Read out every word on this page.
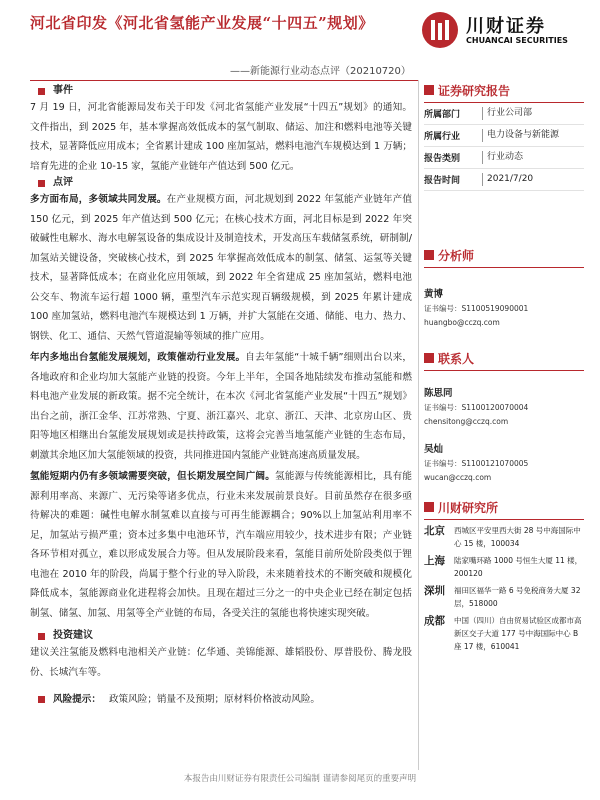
河北省印发《河北省氢能产业发展“十四五”规划》
——新能源行业动态点评（20210720）
川财证券
CHUANCAI SECURITIES
事件

7 月 19 日，河北省能源局发布关于印发《河北省氢能产业发展“十四五”规划》的通知。文件指出，到 2025 年，基本掌握高效低成本的氢气制取、储运、加注和燃料电池等关键技术，显著降低应用成本；全省累计建成 100 座加氢站，燃料电池汽车规模达到 1 万辆；培育先进的企业 10-15 家，氢能产业链年产值达到 500 亿元。

点评

多方面布局，多领域共同发展。在产业规模方面，河北规划到 2022 年氢能产业链年产值 150 亿元，到 2025 年产值达到 500 亿元；在核心技术方面，河北目标是到 2022 年突破碱性电解水、海水电解氢设备的集成设计及制造技术，开发高压车载储氢系统，研制制/加氢站关键设备，突破核心技术，到 2025 年掌握高效低成本的制氢、储氢、运氢等关键技术，显著降低成本；在商业化应用领域，到 2022 年全省建成 25 座加氢站，燃料电池公交车、物流车运行超 1000 辆，重型汽车示范实现百辆级规模，到 2025 年累计建成 100 座加氢站，燃料电池汽车规模达到 1 万辆，并扩大氢能在交通、储能、电力、热力、钢铁、化工、通信、天然气管道混输等领域的推广应用。

年内多地出台氢能发展规划，政策催动行业发展。自去年氢能“十城千辆”细则出台以来，各地政府和企业均加大氢能产业链的投资。今年上半年，全国各地陆续发布推动氢能和燃料电池产业发展的新政策。据不完全统计，在本次《河北省氢能产业发展“十四五”规划》出台之前，浙江金华、江苏常熟、宁夏、浙江嘉兴、北京、浙江、天津、北京房山区、贵阳等地区相继出台氢能发展规划或是扶持政策，这将会完善当地氢能产业链的生态布局，刺激其余地区加大氢能领域的投资，共同推进国内氢能产业链高速高质量发展。

氢能短期内仍有多领域需要突破，但长期发展空间广阔。氢能源与传统能源相比，具有能源利用率高、来源广、无污染等诸多优点，行业未来发展前景良好。目前虽然存在很多亟待解决的难题：碱性电解水制氢难以直接与可再生能源耦合；90%以上加氢站利用率不足，加氢站亏损严重；资本过多集中电池环节，汽车端应用较少，技术进步有限；产业链各环节相对孤立，难以形成发展合力等。但从发展阶段来看，氢能目前所处阶段类似于锂电池在 2010 年的阶段，尚属于整个行业的导入阶段，未来随着技术的不断突破和规模化降低成本，氢能源商业化进程将会加快。且现在超过三分之一的中央企业已经在制定包括制氢、储氢、加氢、用氢等全产业链的布局，各受关注的氢能也将快速实现突破。

投资建议

建议关注氢能及燃料电池相关产业链：亿华通、美锦能源、雄韬股份、厚普股份、腾龙股份、长城汽车等。

风险提示： 政策风险；销量不及预期；原材料价格波动风险。
证券研究报告
所属部门	行业公司部
所属行业	电力设备与新能源
报告类别	行业动态
报告时间	2021/7/20
分析师
黄博
证书编号：S1100519090001
huangbo@cczq.com
联系人
陈思同
证书编号：S1100120070004
chensitong@cczq.com
吴灿
证书编号：S1100121070005
wucan@cczq.com
川财研究所
北京	西城区平安里西大街 28 号中海国际中心 15 楼，100034
上海	陆家嘴环路 1000 号恒生大厦 11 楼，200120
深圳	福田区福华一路 6 号免税商务大厦 32 层，518000
成都	中国（四川）自由贸易试验区成都市高新区交子大道 177 号中海国际中心 B 座 17 楼，610041
本报告由川财证券有限责任公司编制 谨请参阅尾页的重要声明
